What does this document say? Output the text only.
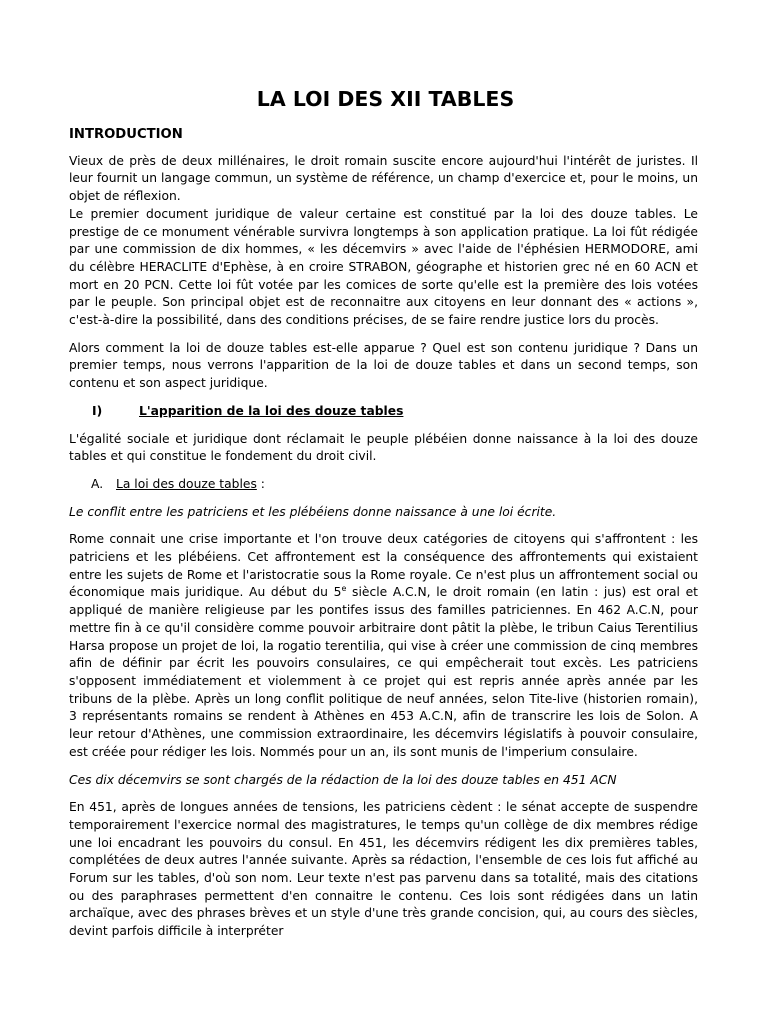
LA LOI DES XII TABLES
INTRODUCTION

Vieux de près de deux millénaires, le droit romain suscite encore aujourd'hui l'intérêt de juristes. Il leur fournit un langage commun, un système de référence, un champ d'exercice et, pour le moins, un objet de réflexion.

Le premier document juridique de valeur certaine est constitué par la loi des douze tables. Le prestige de ce monument vénérable survivra longtemps à son application pratique. La loi fût rédigée par une commission de dix hommes, « les décemvirs » avec l'aide de l'éphésien HERMODORE, ami du célèbre HERACLITE d'Ephèse, à en croire STRABON, géographe et historien grec né en 60 ACN et mort en 20 PCN. Cette loi fût votée par les comices de sorte qu'elle est la première des lois votées par le peuple. Son principal objet est de reconnaitre aux citoyens en leur donnant des « actions », c'est-à-dire la possibilité, dans des conditions précises, de se faire rendre justice lors du procès.

Alors comment la loi de douze tables est-elle apparue ? Quel est son contenu juridique ? Dans un premier temps, nous verrons l'apparition de la loi de douze tables et dans un second temps, son contenu et son aspect juridique.

I)	L'apparition de la loi des douze tables

L'égalité sociale et juridique dont réclamait le peuple plébéien donne naissance à la loi des douze tables et qui constitue le fondement du droit civil.

A.	La loi des douze tables :

Le conflit entre les patriciens et les plébéiens donne naissance à une loi écrite.

Rome connait une crise importante et l'on trouve deux catégories de citoyens qui s'affrontent : les patriciens et les plébéiens. Cet affrontement est la conséquence des affrontements qui existaient entre les sujets de Rome et l'aristocratie sous la Rome royale. Ce n'est plus un affrontement social ou économique mais juridique. Au début du 5e siècle A.C.N, le droit romain (en latin : jus) est oral et appliqué de manière religieuse par les pontifes issus des familles patriciennes. En 462 A.C.N, pour mettre fin à ce qu'il considère comme pouvoir arbitraire dont pâtit la plèbe, le tribun Caius Terentilius Harsa propose un projet de loi, la rogatio terentilia, qui vise à créer une commission de cinq membres afin de définir par écrit les pouvoirs consulaires, ce qui empêcherait tout excès. Les patriciens s'opposent immédiatement et violemment à ce projet qui est repris année après année par les tribuns de la plèbe. Après un long conflit politique de neuf années, selon Tite-live (historien romain), 3 représentants romains se rendent à Athènes en 453 A.C.N, afin de transcrire les lois de Solon. A leur retour d'Athènes, une commission extraordinaire, les décemvirs législatifs à pouvoir consulaire, est créée pour rédiger les lois. Nommés pour un an, ils sont munis de l'imperium consulaire.

Ces dix décemvirs se sont chargés de la rédaction de la loi des douze tables en 451 ACN

En 451, après de longues années de tensions, les patriciens cèdent : le sénat accepte de suspendre temporairement l'exercice normal des magistratures, le temps qu'un collège de dix membres rédige une loi encadrant les pouvoirs du consul. En 451, les décemvirs rédigent les dix premières tables, complétées de deux autres l'année suivante. Après sa rédaction, l'ensemble de ces lois fut affiché au Forum sur les tables, d'où son nom. Leur texte n'est pas parvenu dans sa totalité, mais des citations ou des paraphrases permettent d'en connaitre le contenu. Ces lois sont rédigées dans un latin archaïque, avec des phrases brèves et un style d'une très grande concision, qui, au cours des siècles, devint parfois difficile à interpréter
